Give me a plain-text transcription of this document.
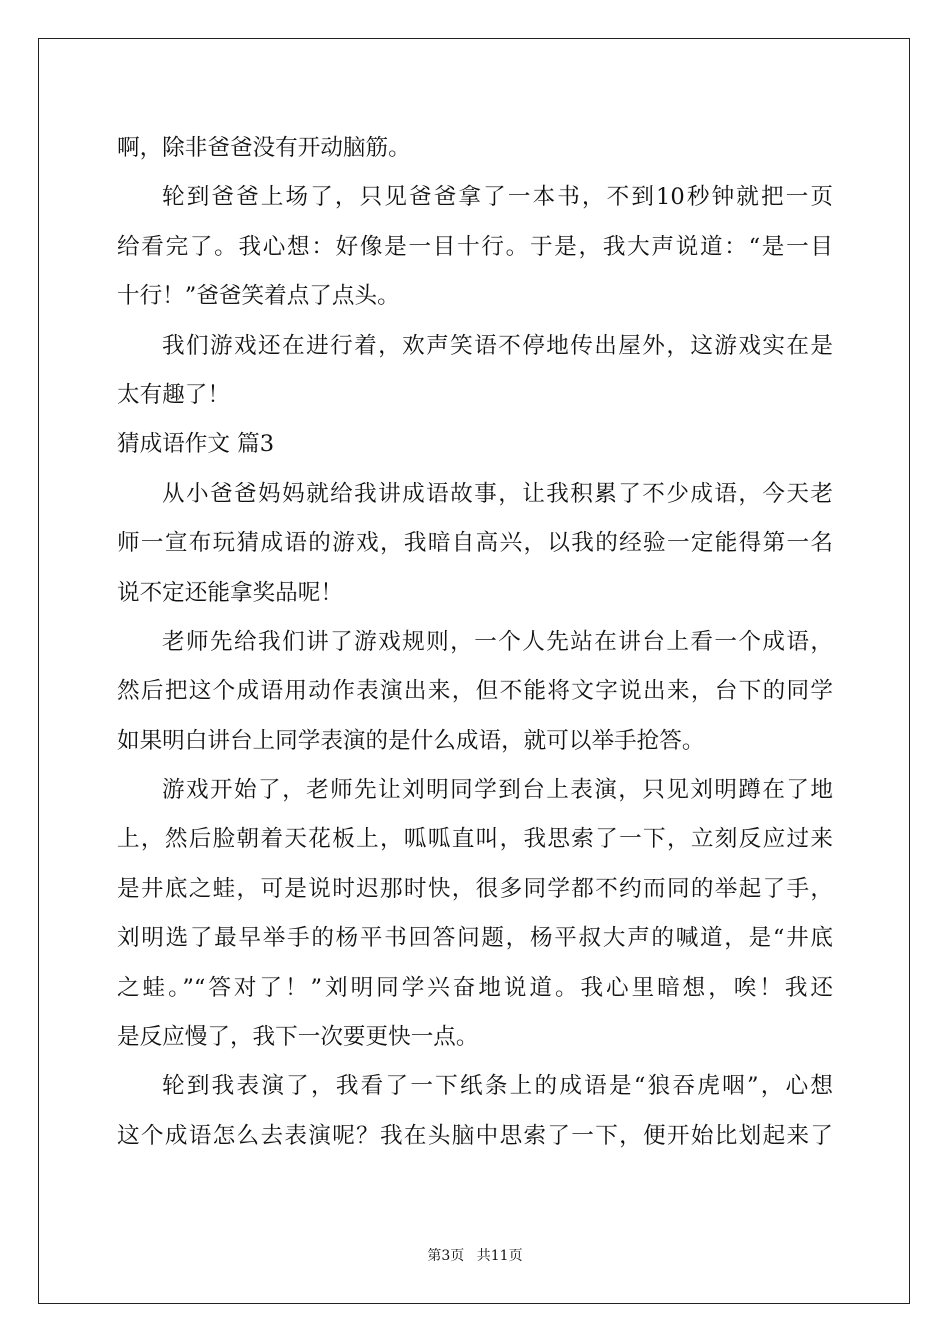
啊，除非爸爸没有开动脑筋。
轮到爸爸上场了，只见爸爸拿了一本书，不到10秒钟就把一页
给看完了。我心想：好像是一目十行。于是，我大声说道：“是一目
十行！”爸爸笑着点了点头。
我们游戏还在进行着，欢声笑语不停地传出屋外，这游戏实在是
太有趣了！
猜成语作文 篇3
从小爸爸妈妈就给我讲成语故事，让我积累了不少成语，今天老
师一宣布玩猜成语的游戏，我暗自高兴，以我的经验一定能得第一名
说不定还能拿奖品呢！
老师先给我们讲了游戏规则，一个人先站在讲台上看一个成语，
然后把这个成语用动作表演出来，但不能将文字说出来，台下的同学
如果明白讲台上同学表演的是什么成语，就可以举手抢答。
游戏开始了，老师先让刘明同学到台上表演，只见刘明蹲在了地
上，然后脸朝着天花板上，呱呱直叫，我思索了一下，立刻反应过来
是井底之蛙，可是说时迟那时快，很多同学都不约而同的举起了手，
刘明选了最早举手的杨平书回答问题，杨平叔大声的喊道，是“井底
之蛙。”“答对了！”刘明同学兴奋地说道。我心里暗想，唉！我还
是反应慢了，我下一次要更快一点。
轮到我表演了，我看了一下纸条上的成语是“狼吞虎咽”，心想
这个成语怎么去表演呢？我在头脑中思索了一下，便开始比划起来了
第3页 共11页
